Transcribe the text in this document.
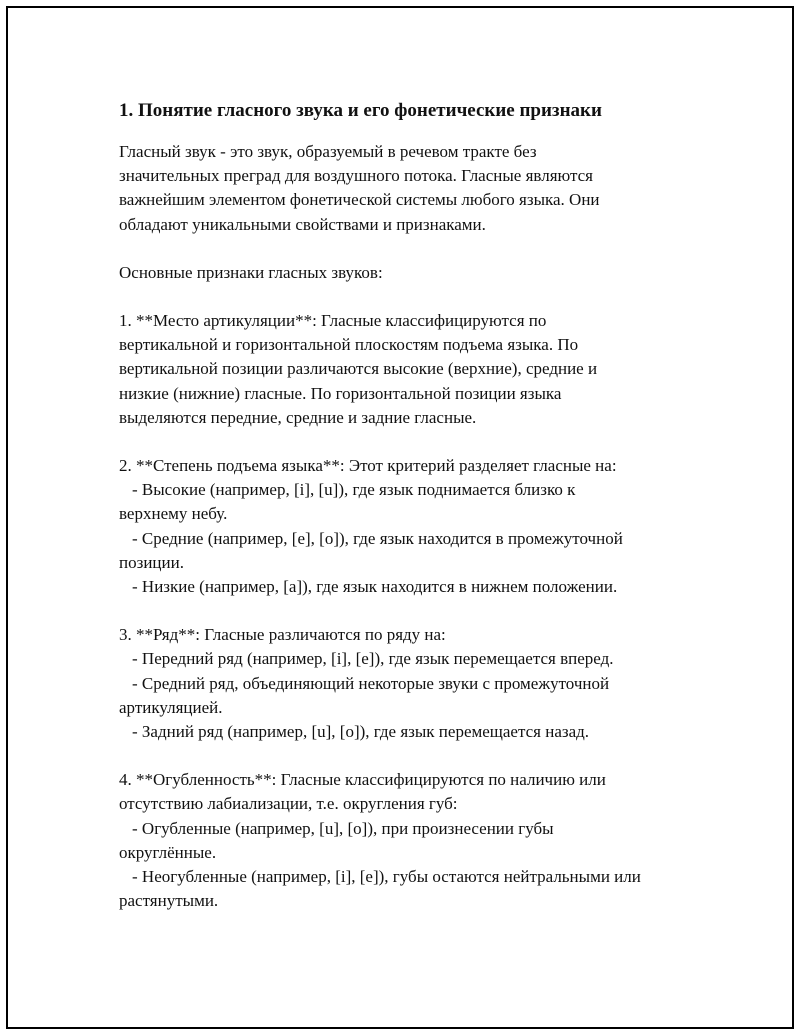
1. Понятие гласного звука и его фонетические признаки

Гласный звук - это звук, образуемый в речевом тракте без
значительных преград для воздушного потока. Гласные являются
важнейшим элементом фонетической системы любого языка. Они
обладают уникальными свойствами и признаками.

Основные признаки гласных звуков:

1. **Место артикуляции**: Гласные классифицируются по
вертикальной и горизонтальной плоскостям подъема языка. По
вертикальной позиции различаются высокие (верхние), средние и
низкие (нижние) гласные. По горизонтальной позиции языка
выделяются передние, средние и задние гласные.
2. **Степень подъема языка**: Этот критерий разделяет гласные на:
- Высокие (например, [i], [u]), где язык поднимается близко к
верхнему небу.
- Средние (например, [e], [o]), где язык находится в промежуточной
позиции.
- Низкие (например, [a]), где язык находится в нижнем положении.
3. **Ряд**: Гласные различаются по ряду на:
- Передний ряд (например, [i], [e]), где язык перемещается вперед.
- Средний ряд, объединяющий некоторые звуки с промежуточной
артикуляцией.
- Задний ряд (например, [u], [o]), где язык перемещается назад.
4. **Огубленность**: Гласные классифицируются по наличию или
отсутствию лабиализации, т.е. округления губ:
- Огубленные (например, [u], [o]), при произнесении губы
округлённые.
- Неогубленные (например, [i], [e]), губы остаются нейтральными или
растянутыми.
